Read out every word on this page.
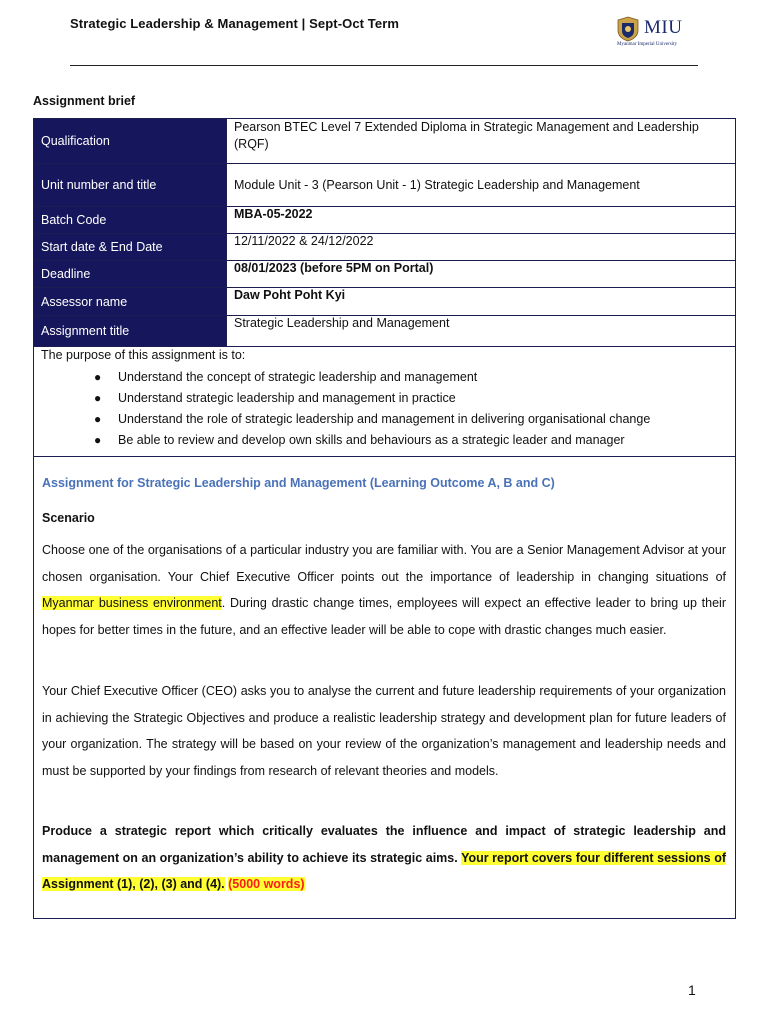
Strategic Leadership & Management | Sept-Oct Term	MIU
Myanmar Imperial University
Assignment brief
Qualification	Pearson BTEC Level 7 Extended Diploma in Strategic Management and Leadership (RQF)
Unit number and title	Module Unit - 3 (Pearson Unit - 1) Strategic Leadership and Management
Batch Code	MBA-05-2022
Start date & End Date	12/11/2022 & 24/12/2022
Deadline	08/01/2023 (before 5PM on Portal)
Assessor name	Daw Poht Poht Kyi
Assignment title	Strategic Leadership and Management
The purpose of this assignment is to:
● Understand the concept of strategic leadership and management
● Understand strategic leadership and management in practice
● Understand the role of strategic leadership and management in delivering organisational change
● Be able to review and develop own skills and behaviours as a strategic leader and manager
Assignment for Strategic Leadership and Management (Learning Outcome A, B and C)
Scenario

Choose one of the organisations of a particular industry you are familiar with. You are a Senior Management Advisor at your chosen organisation. Your Chief Executive Officer points out the importance of leadership in changing situations of Myanmar business environment. During drastic change times, employees will expect an effective leader to bring up their hopes for better times in the future, and an effective leader will be able to cope with drastic changes much easier.

Your Chief Executive Officer (CEO) asks you to analyse the current and future leadership requirements of your organization in achieving the Strategic Objectives and produce a realistic leadership strategy and development plan for future leaders of your organization. The strategy will be based on your review of the organization’s management and leadership needs and must be supported by your findings from research of relevant theories and models.

Produce a strategic report which critically evaluates the influence and impact of strategic leadership and management on an organization’s ability to achieve its strategic aims. Your report covers four different sessions of Assignment (1), (2), (3) and (4). (5000 words)

1
